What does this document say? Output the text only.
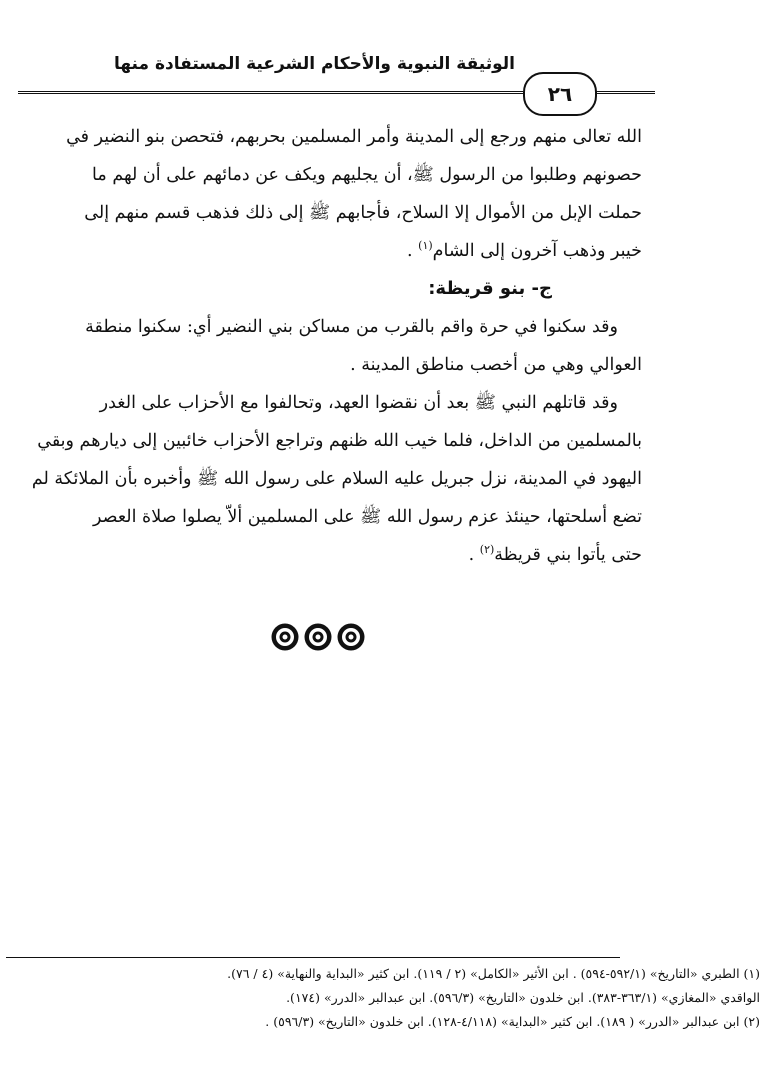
الوثيقة النبوية والأحكام الشرعية المستفادة منها
٢٦

الله تعالى منهم ورجع إلى المدينة وأمر المسلمين بحربهم، فتحصن بنو النضير في

حصونهم وطلبوا من الرسول ﷺ، أن يجليهم ويكف عن دمائهم على أن لهم ما

حملت الإبل من الأموال إلا السلاح، فأجابهم ﷺ إلى ذلك فذهب قسم منهم إلى

خيبر وذهب آخرون إلى الشام$^{(١)}$ .

ج- بنو قريظة:

وقد سكنوا في حرة واقم بالقرب من مساكن بني النضير أي: سكنوا منطقة

العوالي وهي من أخصب مناطق المدينة .

وقد قاتلهم النبي ﷺ بعد أن نقضوا العهد، وتحالفوا مع الأحزاب على الغدر

بالمسلمين من الداخل، فلما خيب الله ظنهم وتراجع الأحزاب خائبين إلى ديارهم وبقي

اليهود في المدينة، نزل جبريل عليه السلام على رسول الله ﷺ وأخبره بأن الملائكة لم

تضع أسلحتها، حينئذ عزم رسول الله ﷺ على المسلمين ألاّ يصلوا صلاة العصر

حتى يأتوا بني قريظة$^{(٢)}$ .

(١) الطبري «التاريخ» (٥٩٢/١-٥٩٤) . ابن الأثير «الكامل» (٢ / ١١٩). ابن كثير «البداية والنهاية» (٤ / ٧٦).

الواقدي «المغازي» (٣٦٣/١-٣٨٣). ابن خلدون «التاريخ» (٥٩٦/٣). ابن عبدالبر «الدرر» (١٧٤).

(٢) ابن عبدالبر «الدرر» ( ١٨٩). ابن كثير «البداية» (٤/١١٨-١٢٨). ابن خلدون «التاريخ» (٥٩٦/٣) .
